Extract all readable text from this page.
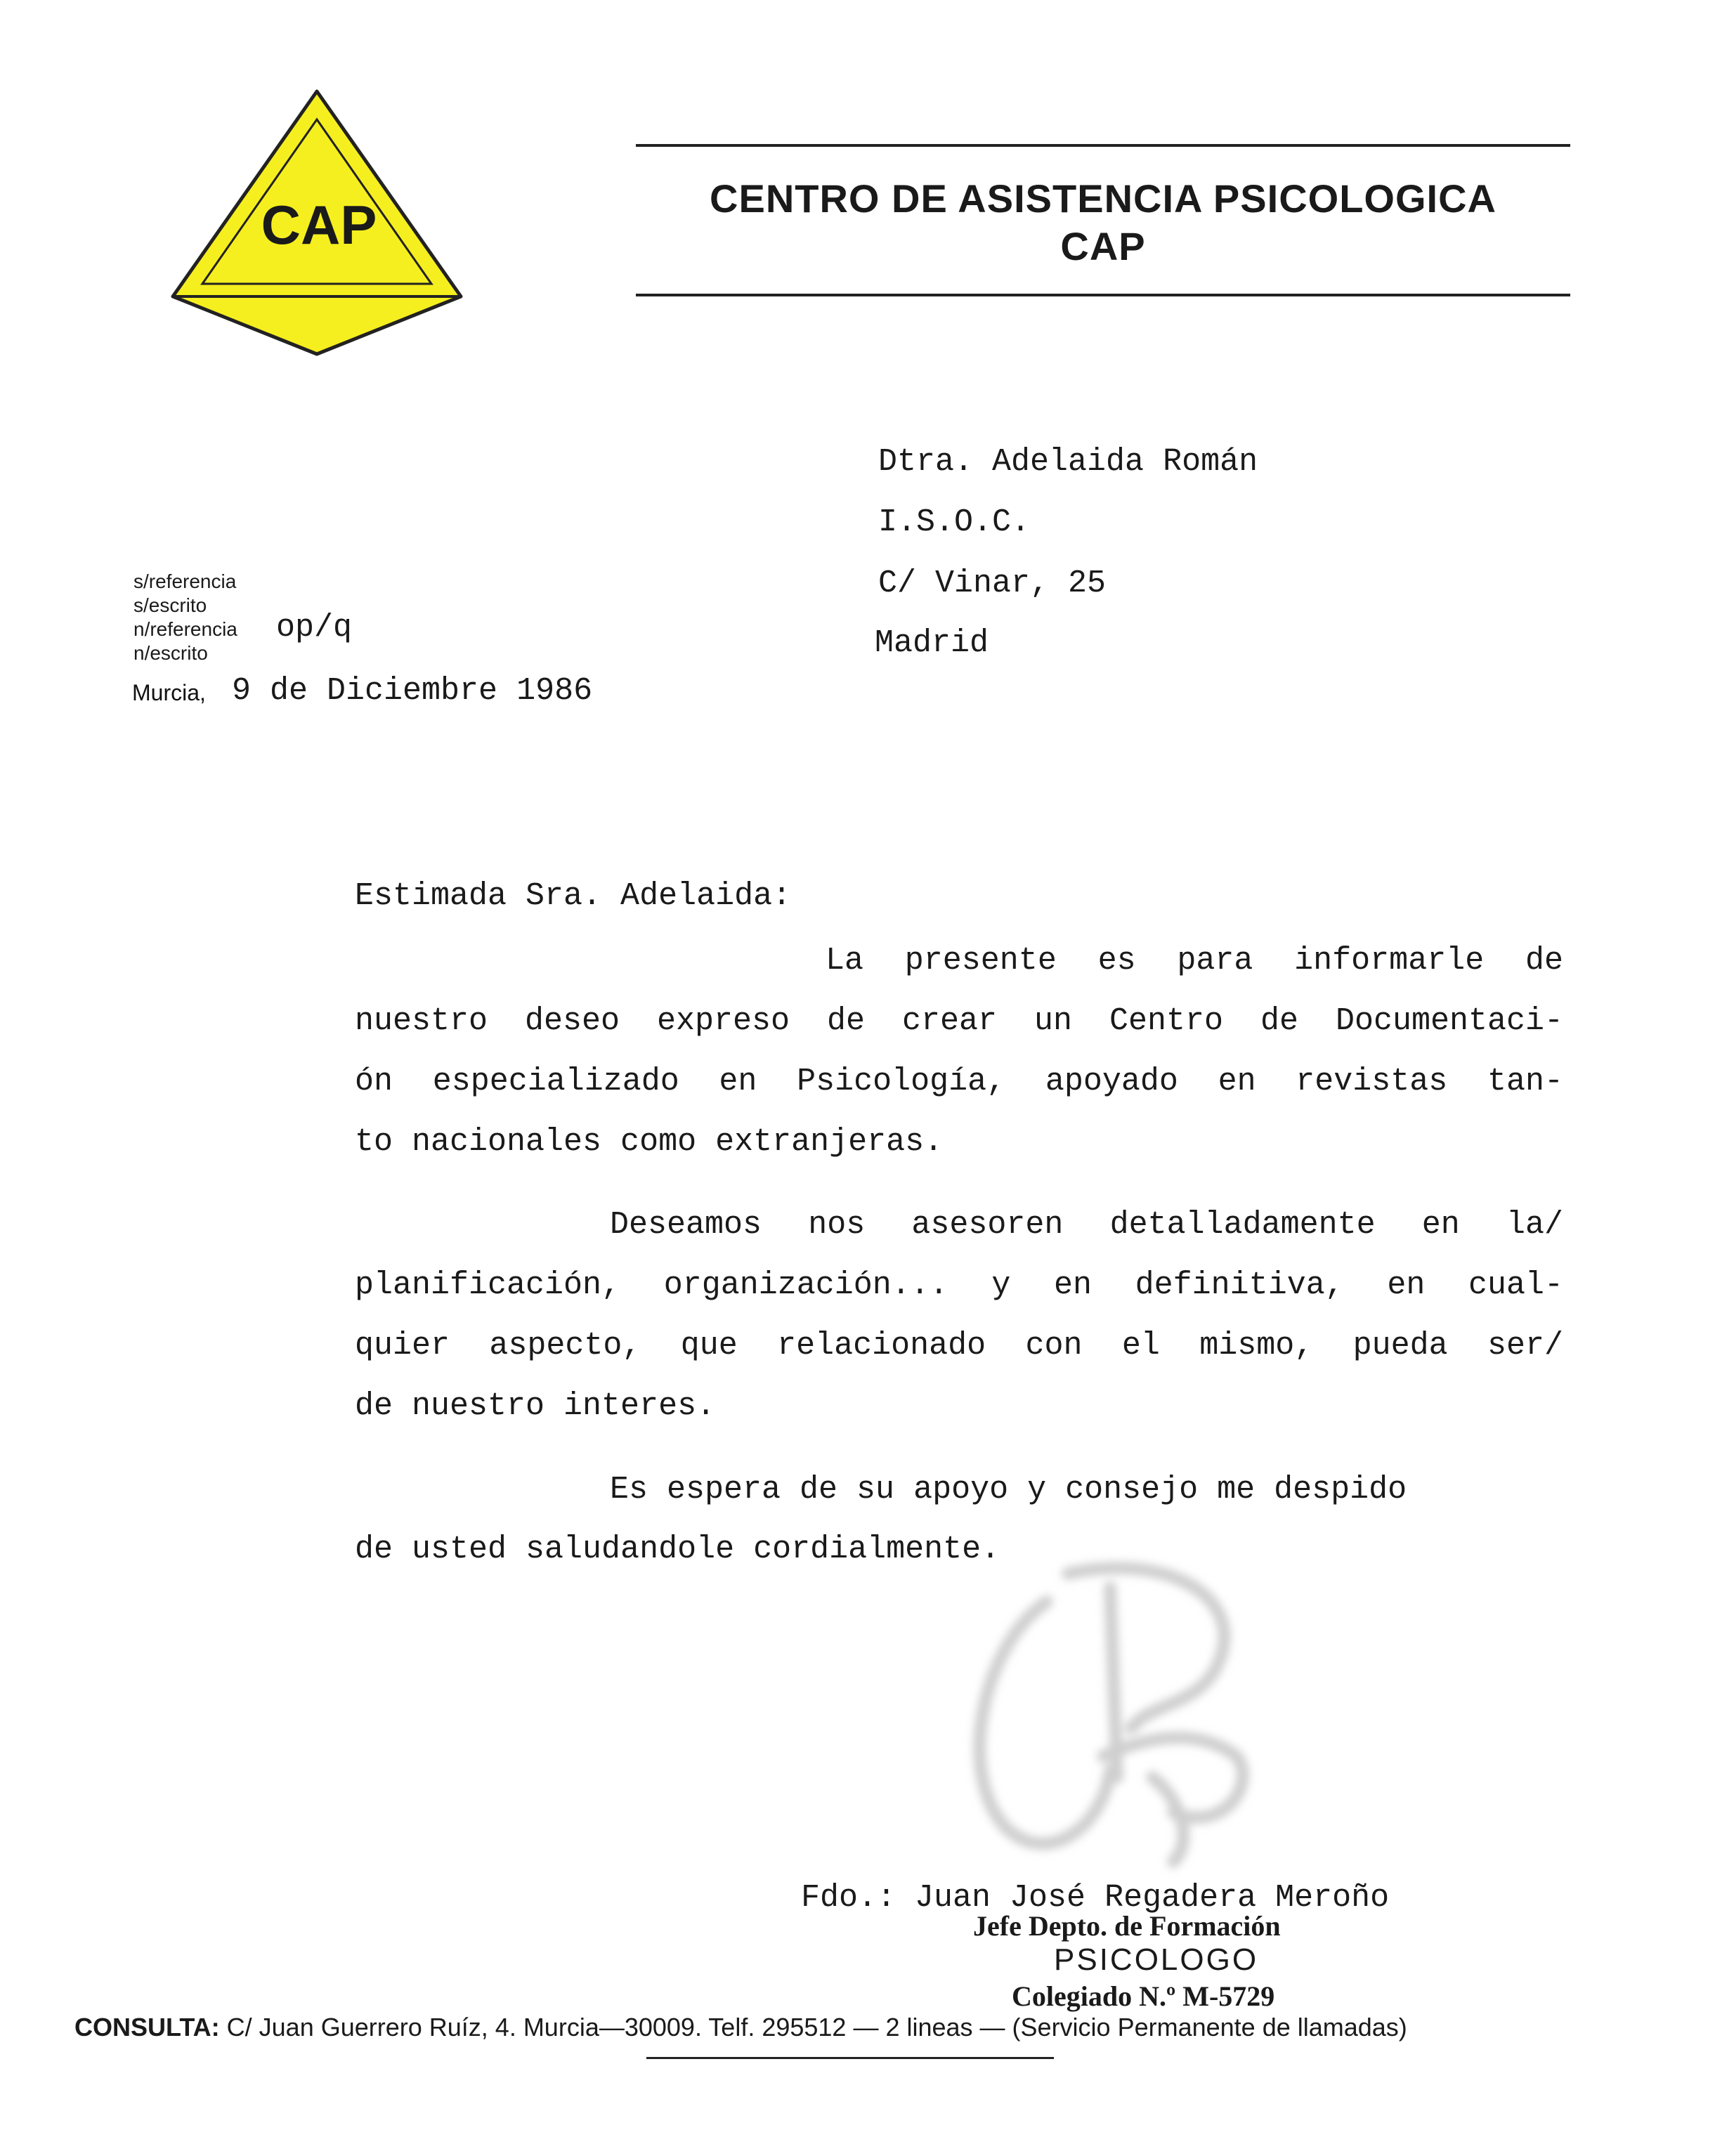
CAP	CENTRO DE ASISTENCIA PSICOLOGICA
CAP
Dtra. Adelaida Román
I.S.O.C.
C/ Vinar, 25
Madrid
s/referencia
s/escrito
n/referencia op/q
n/escrito
Murcia, 9 de Diciembre 1986
Estimada Sra. Adelaida:
La presente es para informarle de
nuestro deseo expreso de crear un Centro de Documentaci-
ón especializado en Psicología, apoyado en revistas tan-
to nacionales como extranjeras.
Deseamos nos asesoren detalladamente en la/
planificación, organización... y en definitiva, en cual-
quier aspecto, que relacionado con el mismo, pueda ser/
de nuestro interes.
Es espera de su apoyo y consejo me despido
de usted saludandole cordialmente.
Fdo.: Juan José Regadera Meroño
Jefe Depto. de Formación
PSICOLOGO
Colegiado N.º M-5729
CONSULTA: C/ Juan Guerrero Ruíz, 4. Murcia—30009. Telf. 295512 — 2 lineas — (Servicio Permanente de llamadas)
